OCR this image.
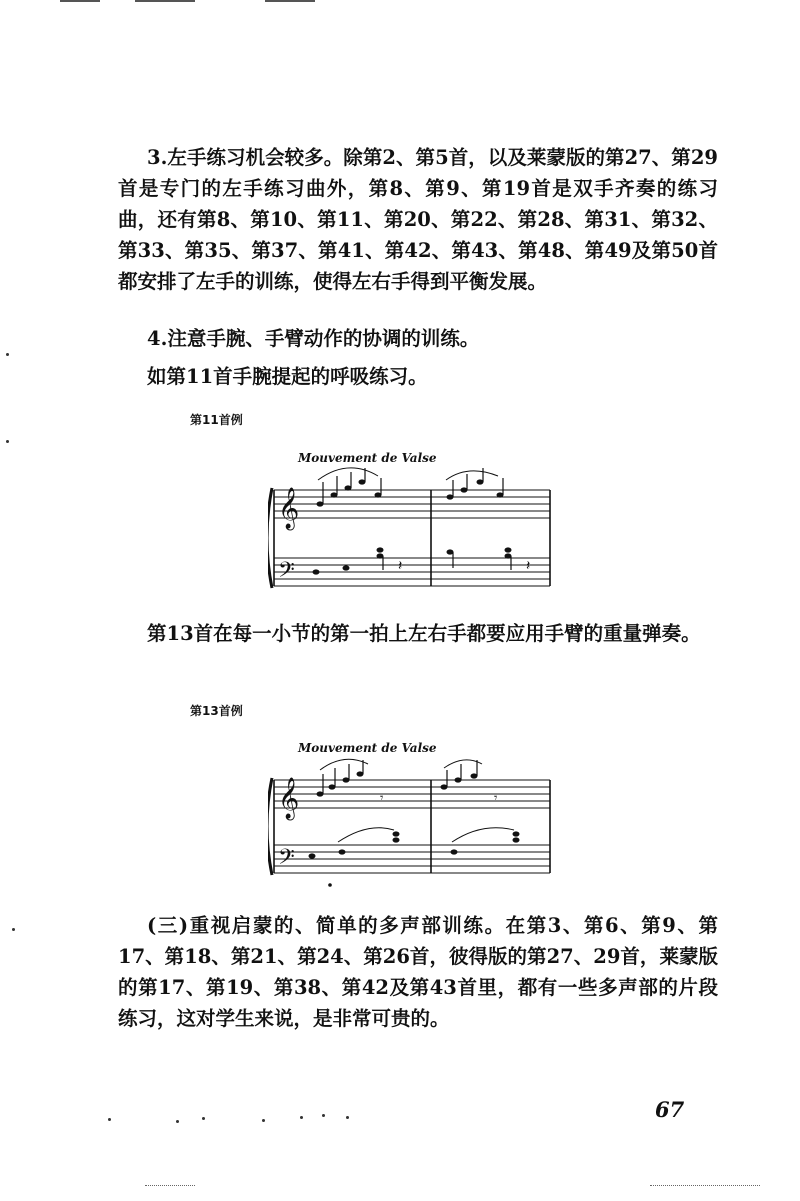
3.左手练习机会较多。除第2、第5首，以及莱蒙版的第27、第29首是专门的左手练习曲外，第8、第9、第19首是双手齐奏的练习曲，还有第8、第10、第11、第20、第22、第28、第31、第32、第33、第35、第37、第41、第42、第43、第48、第49及第50首都安排了左手的训练，使得左右手得到平衡发展。

4.注意手腕、手臂动作的协调的训练。

如第11首手腕提起的呼吸练习。

第11首例
Mouvement de Valse
𝄞
𝄢	𝄽	𝄽

第13首在每一小节的第一拍上左右手都要应用手臂的重量弹奏。

第13首例
Mouvement de Valse
𝄞
𝄢
𝄾	𝄾

(三)重视启蒙的、简单的多声部训练。在第3、第6、第9、第17、第18、第21、第24、第26首，彼得版的第27、29首，莱蒙版的第17、第19、第38、第42及第43首里，都有一些多声部的片段练习，这对学生来说，是非常可贵的。

67
